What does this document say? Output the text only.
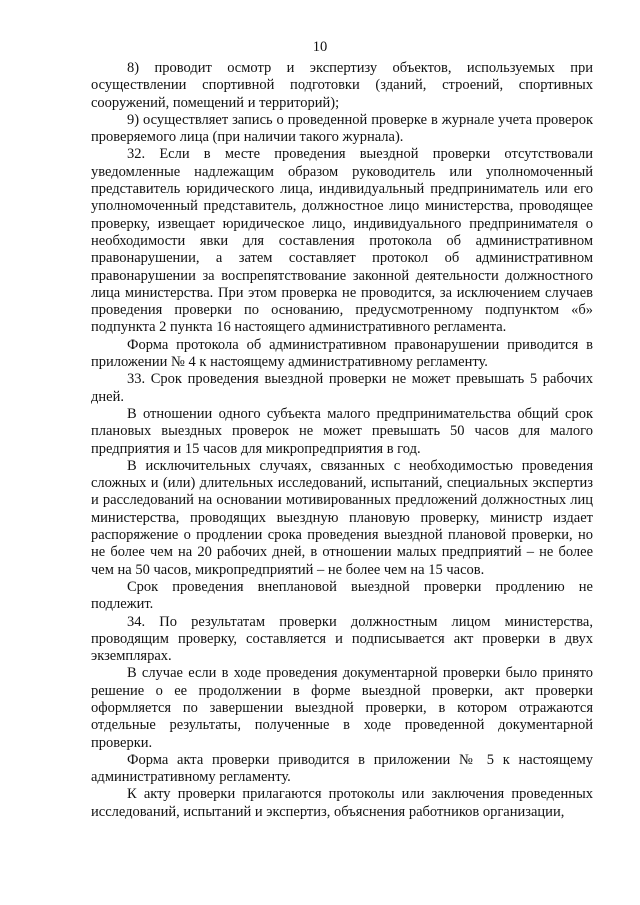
10

8) проводит осмотр и экспертизу объектов, используемых при осуществлении спортивной подготовки (зданий, строений, спортивных сооружений, помещений и территорий);

9) осуществляет запись о проведенной проверке в журнале учета проверок проверяемого лица (при наличии такого журнала).

32. Если в месте проведения выездной проверки отсутствовали уведомленные надлежащим образом руководитель или уполномоченный представитель юридического лица, индивидуальный предприниматель или его уполномоченный представитель, должностное лицо министерства, проводящее проверку, извещает юридическое лицо, индивидуального предпринимателя о необходимости явки для составления протокола об административном правонарушении, а затем составляет протокол об административном правонарушении за воспрепятствование законной деятельности должностного лица министерства. При этом проверка не проводится, за исключением случаев проведения проверки по основанию, предусмотренному подпунктом «б» подпункта 2 пункта 16 настоящего административного регламента.

Форма протокола об административном правонарушении приводится в приложении № 4 к настоящему административному регламенту.

33. Срок проведения выездной проверки не может превышать 5 рабочих дней.

В отношении одного субъекта малого предпринимательства общий срок плановых выездных проверок не может превышать 50 часов для малого предприятия и 15 часов для микропредприятия в год.

В исключительных случаях, связанных с необходимостью проведения сложных и (или) длительных исследований, испытаний, специальных экспертиз и расследований на основании мотивированных предложений должностных лиц министерства, проводящих выездную плановую проверку, министр издает распоряжение о продлении срока проведения выездной плановой проверки, но не более чем на 20 рабочих дней, в отношении малых предприятий – не более чем на 50 часов, микропредприятий – не более чем на 15 часов.

Срок проведения внеплановой выездной проверки продлению не подлежит.

34. По результатам проверки должностным лицом министерства, проводящим проверку, составляется и подписывается акт проверки в двух экземплярах.

В случае если в ходе проведения документарной проверки было принято решение о ее продолжении в форме выездной проверки, акт проверки оформляется по завершении выездной проверки, в котором отражаются отдельные результаты, полученные в ходе проведенной документарной проверки.

Форма акта проверки приводится в приложении № 5 к настоящему административному регламенту.

К акту проверки прилагаются протоколы или заключения проведенных исследований, испытаний и экспертиз, объяснения работников организации,
